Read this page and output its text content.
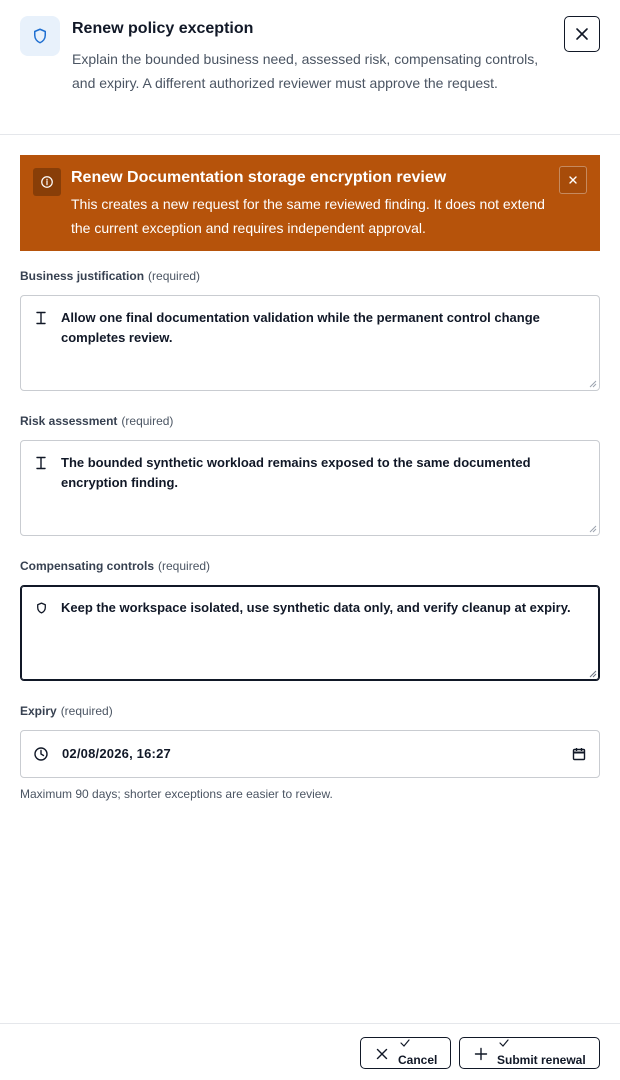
Renew policy exception
Explain the bounded business need, assessed risk, compensating controls, and expiry. A different authorized reviewer must approve the request.
Renew Documentation storage encryption review
This creates a new request for the same reviewed finding. It does not extend the current exception and requires independent approval.
Business justification (required)
Allow one final documentation validation while the permanent control change completes review.
Risk assessment (required)
The bounded synthetic workload remains exposed to the same documented encryption finding.
Compensating controls (required)
Keep the workspace isolated, use synthetic data only, and verify cleanup at expiry.
Expiry (required)
02/08/2026, 16:27
Maximum 90 days; shorter exceptions are easier to review.
Cancel	Submit renewal
